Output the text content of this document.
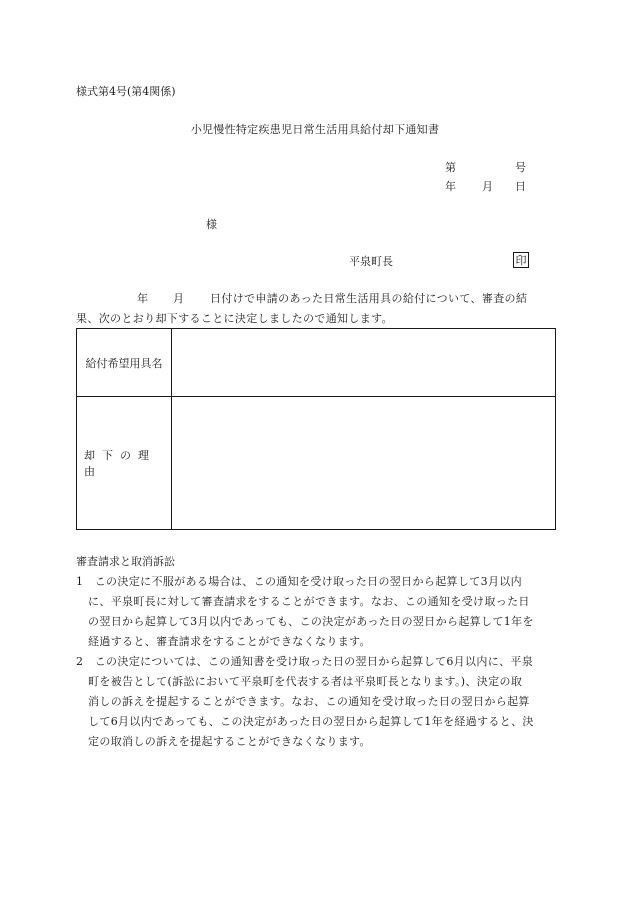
様式第4号(第4関係)
小児慢性特定疾患児日常生活用具給付却下通知書
第	号
年 月 日
様
平泉町長	印
年 月 日付けで申請のあった日常生活用具の給付について、審査の結
果、次のとおり却下することに決定しましたので通知します。
給付希望用具名
却下の理由
審査請求と取消訴訟
1　この決定に不服がある場合は、この通知を受け取った日の翌日から起算して3月以内
に、平泉町長に対して審査請求をすることができます。なお、この通知を受け取った日
の翌日から起算して3月以内であっても、この決定があった日の翌日から起算して1年を
経過すると、審査請求をすることができなくなります。
2　この決定については、この通知書を受け取った日の翌日から起算して6月以内に、平泉
町を被告として(訴訟において平泉町を代表する者は平泉町長となります。)、決定の取
消しの訴えを提起することができます。なお、この通知を受け取った日の翌日から起算
して6月以内であっても、この決定があった日の翌日から起算して1年を経過すると、決
定の取消しの訴えを提起することができなくなります。
